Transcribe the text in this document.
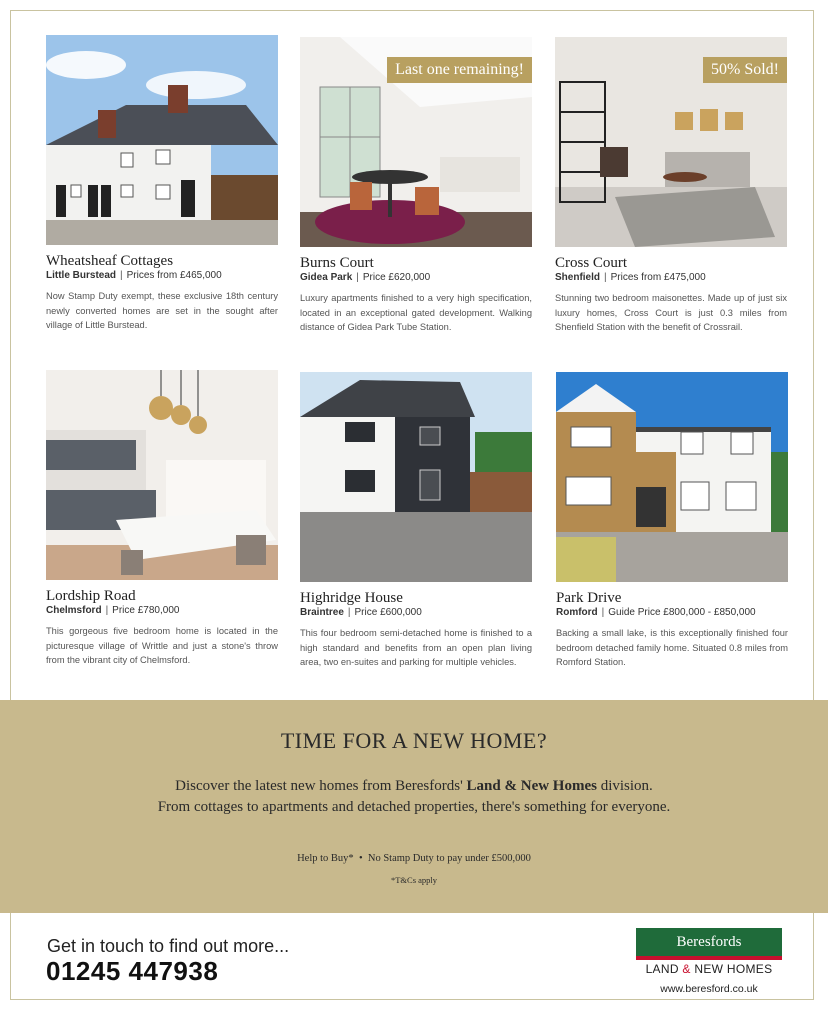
Wheatsheaf Cottages
Little Burstead | Prices from £465,000
Now Stamp Duty exempt, these exclusive 18th century newly converted homes are set in the sought after village of Little Burstead.
Last one remaining!
Burns Court
Gidea Park | Price £620,000
Luxury apartments finished to a very high specification, located in an exceptional gated development. Walking distance of Gidea Park Tube Station.
50% Sold!
Cross Court
Shenfield | Prices from £475,000
Stunning two bedroom maisonettes. Made up of just six luxury homes, Cross Court is just 0.3 miles from Shenfield Station with the benefit of Crossrail.
Lordship Road
Chelmsford | Price £780,000
This gorgeous five bedroom home is located in the picturesque village of Writtle and just a stone's throw from the vibrant city of Chelmsford.
Highridge House
Braintree | Price £600,000
This four bedroom semi-detached home is finished to a high standard and benefits from an open plan living area, two en-suites and parking for multiple vehicles.
Park Drive
Romford | Guide Price £800,000 - £850,000
Backing a small lake, is this exceptionally finished four bedroom detached family home. Situated 0.8 miles from Romford Station.
TIME FOR A NEW HOME?
Discover the latest new homes from Beresfords' Land & New Homes division.
From cottages to apartments and detached properties, there's something for everyone.
Help to Buy* • No Stamp Duty to pay under £500,000
*T&Cs apply
Get in touch to find out more...
01245 447938
Beresfords
LAND & NEW HOMES
www.beresford.co.uk
